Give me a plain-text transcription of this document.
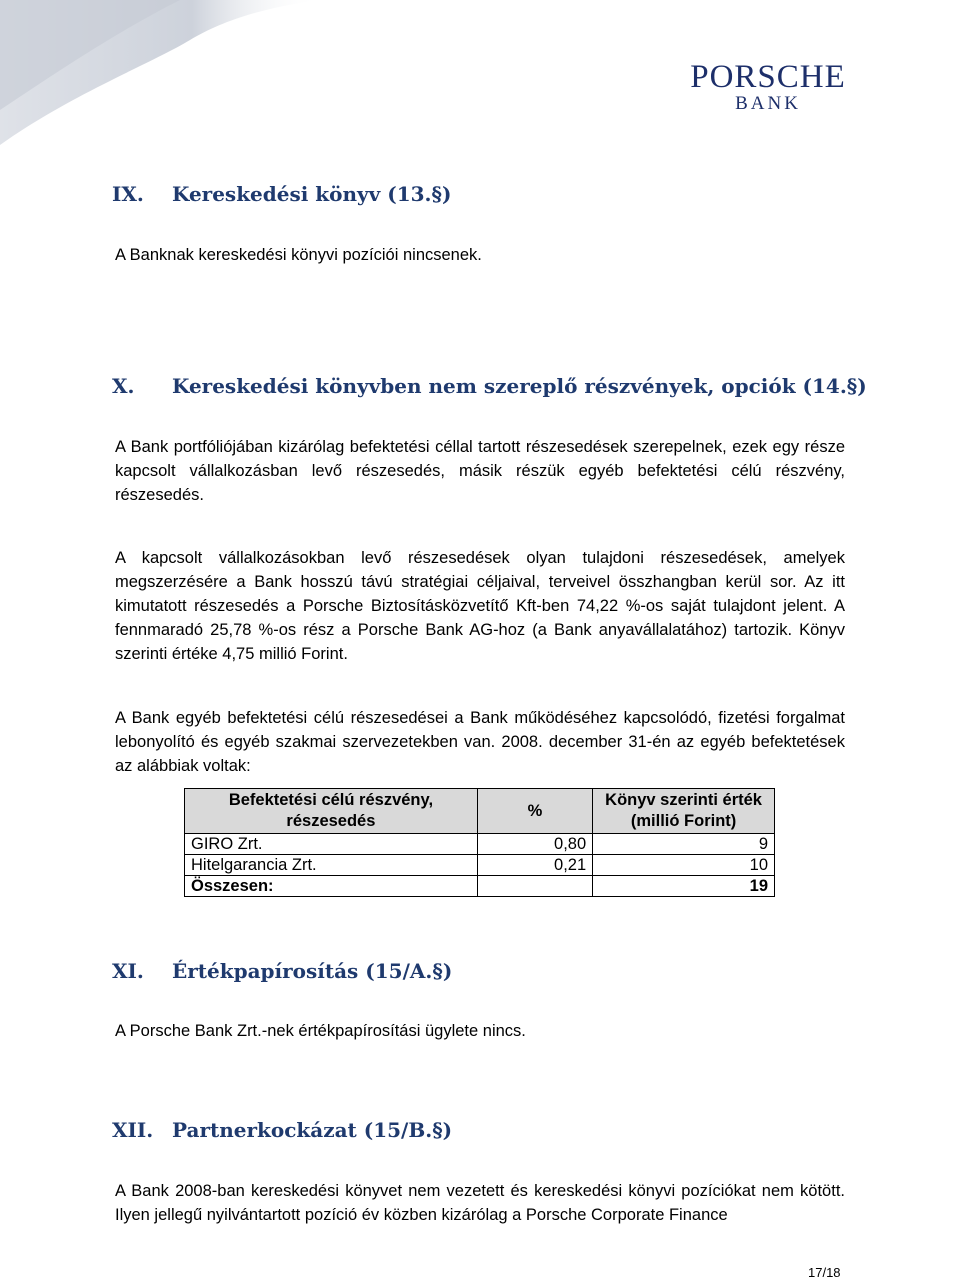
PORSCHE
BANK
IX. Kereskedési könyv (13.§)

A Banknak kereskedési könyvi pozíciói nincsenek.

X. Kereskedési könyvben nem szereplő részvények, opciók (14.§)

A Bank portfóliójában kizárólag befektetési céllal tartott részesedések szerepelnek, ezek egy része kapcsolt vállalkozásban levő részesedés, másik részük egyéb befektetési célú részvény, részesedés.

A kapcsolt vállalkozásokban levő részesedések olyan tulajdoni részesedések, amelyek megszerzésére a Bank hosszú távú stratégiai céljaival, terveivel összhangban kerül sor. Az itt kimutatott részesedés a Porsche Biztosításközvetítő Kft-ben 74,22 %-os saját tulajdont jelent. A fennmaradó 25,78 %-os rész a Porsche Bank AG-hoz (a Bank anyavállalatához) tartozik. Könyv szerinti értéke 4,75 millió Forint.

A Bank egyéb befektetési célú részesedései a Bank működéséhez kapcsolódó, fizetési forgalmat lebonyolító és egyéb szakmai szervezetekben van. 2008. december 31-én az egyéb befektetések az alábbiak voltak:

Befektetési célú részvény, részesedés	%	Könyv szerinti érték (millió Forint)
GIRO Zrt.	0,80	9
Hitelgarancia Zrt.	0,21	10
Összesen:		19
XI. Értékpapírosítás (15/A.§)

A Porsche Bank Zrt.-nek értékpapírosítási ügylete nincs.

XII. Partnerkockázat (15/B.§)

A Bank 2008-ban kereskedési könyvet nem vezetett és kereskedési könyvi pozíciókat nem kötött. Ilyen jellegű nyilvántartott pozíció év közben kizárólag a Porsche Corporate Finance

17/18
